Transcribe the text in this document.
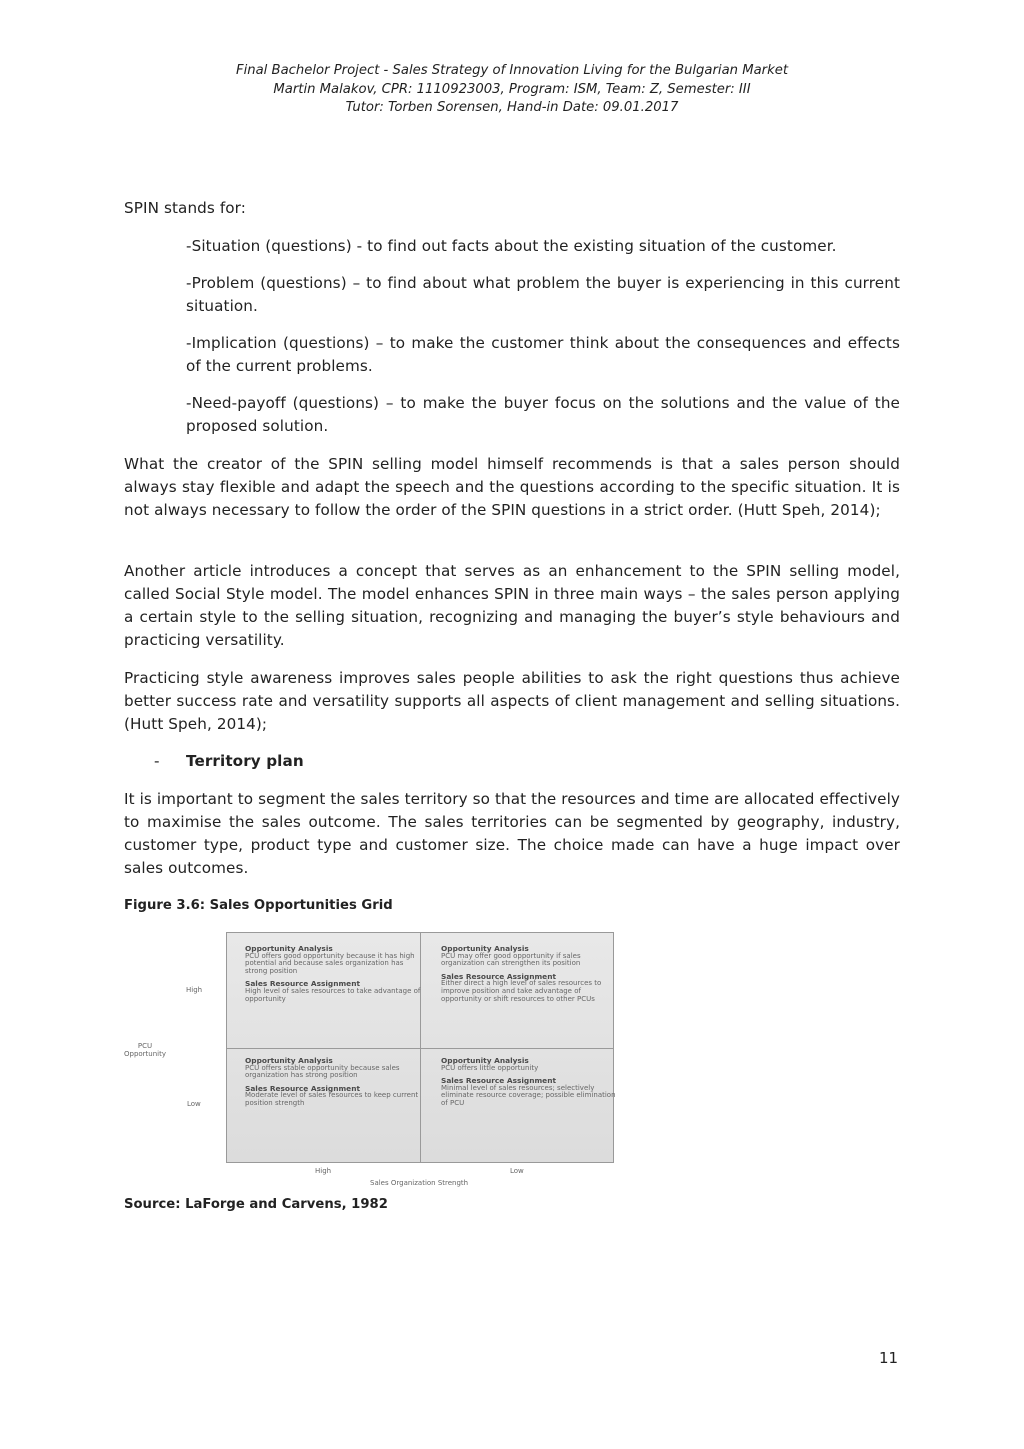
Final Bachelor Project - Sales Strategy of Innovation Living for the Bulgarian Market
Martin Malakov, CPR: 1110923003, Program: ISM, Team: Z, Semester: III
Tutor: Torben Sorensen, Hand-in Date: 09.01.2017
SPIN stands for:
-Situation (questions) - to find out facts about the existing situation of the customer.
-Problem (questions) – to find about what problem the buyer is experiencing in this current situation.
-Implication (questions) – to make the customer think about the consequences and effects of the current problems.
-Need-payoff (questions) – to make the buyer focus on the solutions and the value of the proposed solution.
What the creator of the SPIN selling model himself recommends is that a sales person should always stay flexible and adapt the speech and the questions according to the specific situation. It is not always necessary to follow the order of the SPIN questions in a strict order. (Hutt Speh, 2014);
Another article introduces a concept that serves as an enhancement to the SPIN selling model, called Social Style model. The model enhances SPIN in three main ways – the sales person applying a certain style to the selling situation, recognizing and managing the buyer’s style behaviours and practicing versatility.
Practicing style awareness improves sales people abilities to ask the right questions thus achieve better success rate and versatility supports all aspects of client management and selling situations. (Hutt Speh, 2014);
- Territory plan
It is important to segment the sales territory so that the resources and time are allocated effectively to maximise the sales outcome. The sales territories can be segmented by geography, industry, customer type, product type and customer size. The choice made can have a huge impact over sales outcomes.
Figure 3.6: Sales Opportunities Grid
High
PCU
Opportunity
Low
Opportunity Analysis
PCU offers good opportunity because it has high potential and because sales organization has strong position
Sales Resource Assignment
High level of sales resources to take advantage of opportunity
Opportunity Analysis
PCU may offer good opportunity if sales organization can strengthen its position
Sales Resource Assignment
Either direct a high level of sales resources to improve position and take advantage of opportunity or shift resources to other PCUs
Opportunity Analysis
PCU offers stable opportunity because sales organization has strong position
Sales Resource Assignment
Moderate level of sales resources to keep current position strength
Opportunity Analysis
PCU offers little opportunity
Sales Resource Assignment
Minimal level of sales resources; selectively eliminate resource coverage; possible elimination of PCU
High	Low
Sales Organization Strength
Source: LaForge and Carvens, 1982
11
